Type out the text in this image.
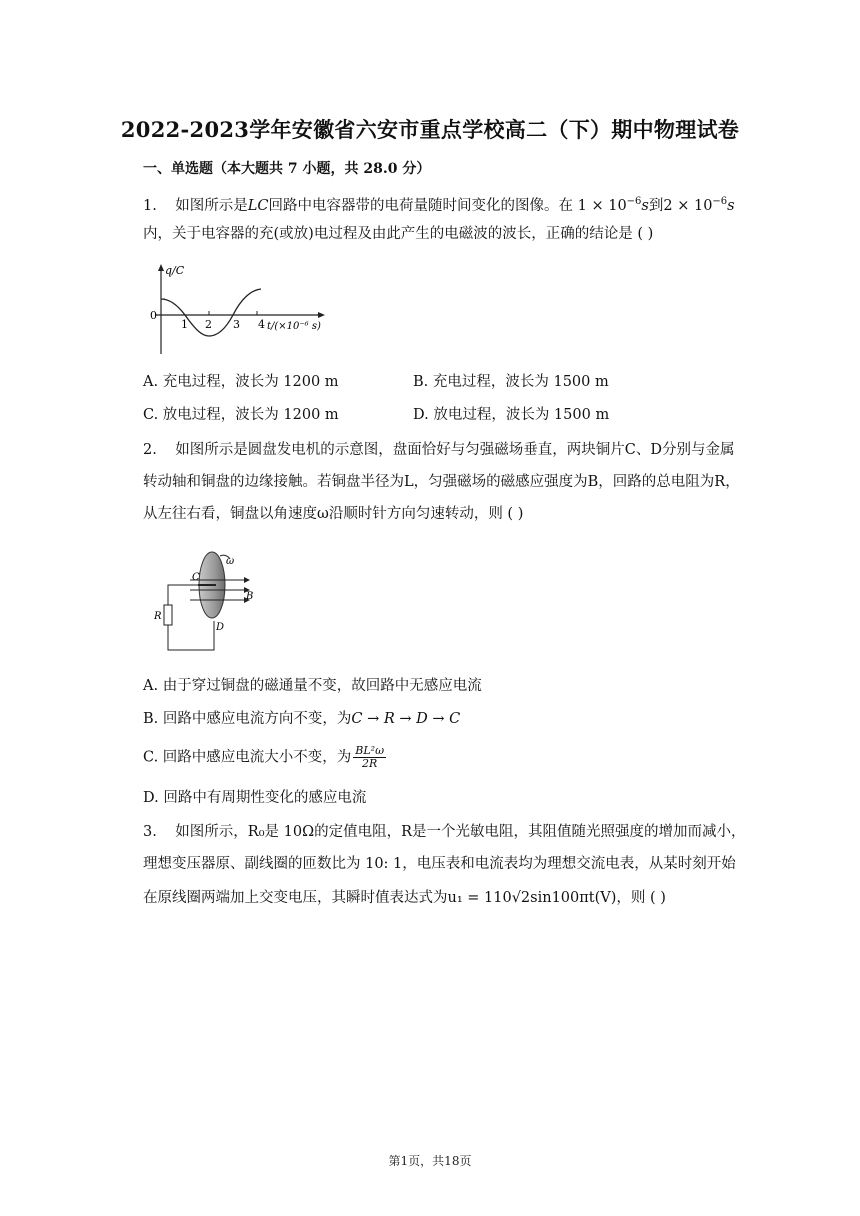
2022-2023学年安徽省六安市重点学校高二（下）期中物理试卷
一、单选题（本大题共 7 小题，共 28.0 分）
1. 如图所示是LC回路中电容器带的电荷量随时间变化的图像。在 $1 \times 10^{-6}s$到$2 \times 10^{-6}s$
内，关于电容器的充(或放)电过程及由此产生的电磁波的波长，正确的结论是 ( )
q/C
0
1 2 3 4 t/(×10⁻⁶ s)
A. 充电过程，波长为 1200 m	B. 充电过程，波长为 1500 m
C. 放电过程，波长为 1200 m	D. 放电过程，波长为 1500 m
2. 如图所示是圆盘发电机的示意图，盘面恰好与匀强磁场垂直，两块铜片C、D分别与金属
转动轴和铜盘的边缘接触。若铜盘半径为L，匀强磁场的磁感应强度为B，回路的总电阻为R，
从左往右看，铜盘以角速度ω沿顺时针方向匀速转动，则 ( )
ω
C
B
R
D
A. 由于穿过铜盘的磁通量不变，故回路中无感应电流
B. 回路中感应电流方向不变，为C → R → D → C
C. 回路中感应电流大小不变，为 $\frac{\text{BL²ω}}{2R}$
D. 回路中有周期性变化的感应电流
3. 如图所示，R₀是 10Ω的定值电阻，R是一个光敏电阻，其阻值随光照强度的增加而减小，
理想变压器原、副线圈的匝数比为 10: 1，电压表和电流表均为理想交流电表，从某时刻开始
在原线圈两端加上交变电压，其瞬时值表达式为u₁ = 110√2sin100πt(V)，则 ( )
第1页，共18页
